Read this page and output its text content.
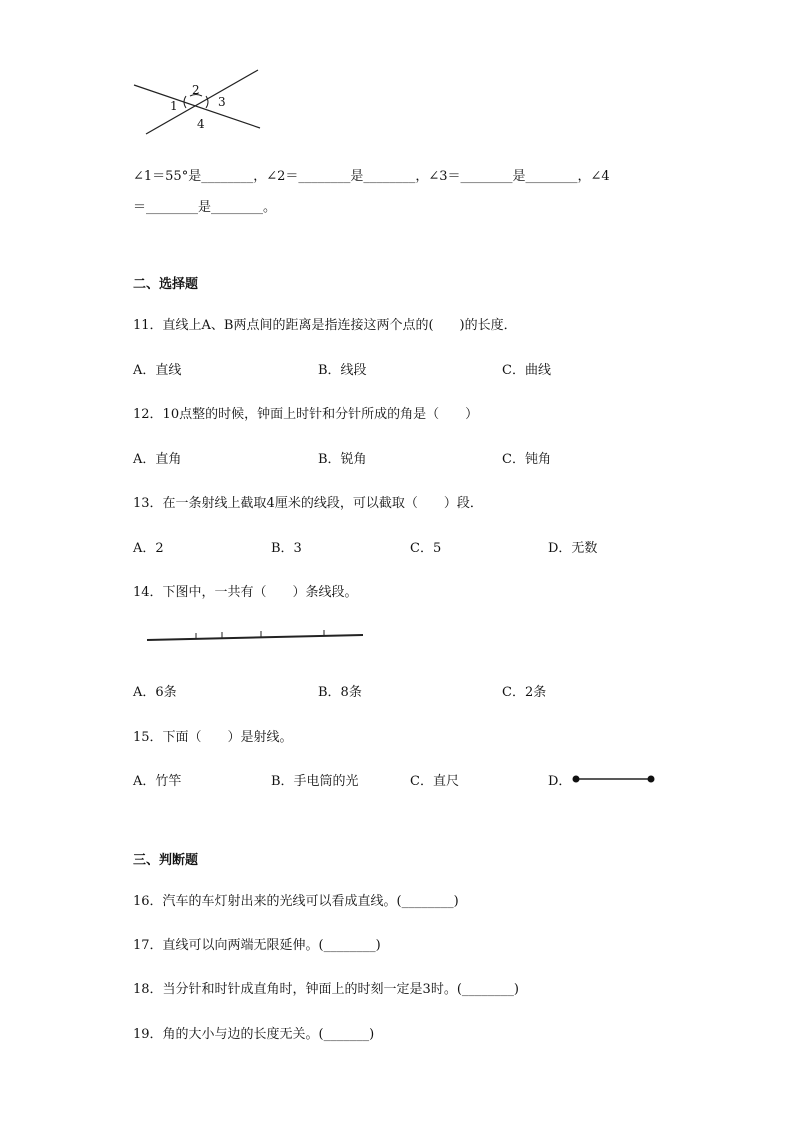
1
2
3
4
∠1＝55°是________，∠2＝________是________，∠3＝________是________，∠4
＝________是________。
二、选择题
11．直线上A、B两点间的距离是指连接这两个点的(　　)的长度．
A．直线	B．线段	C．曲线
12．10点整的时候，钟面上时针和分针所成的角是（　　）
A．直角	B．锐角	C．钝角
13．在一条射线上截取4厘米的线段，可以截取（　　）段．
A．2	B．3	C．5	D．无数
14．下图中，一共有（　　）条线段。
A．6条	B．8条	C．2条
15．下面（　　）是射线。
A．竹竿	B．手电筒的光	C．直尺	D．
三、判断题
16．汽车的车灯射出来的光线可以看成直线。(________)
17．直线可以向两端无限延伸。(________)
18．当分针和时针成直角时，钟面上的时刻一定是3时。(________)
19．角的大小与边的长度无关。(_______)
